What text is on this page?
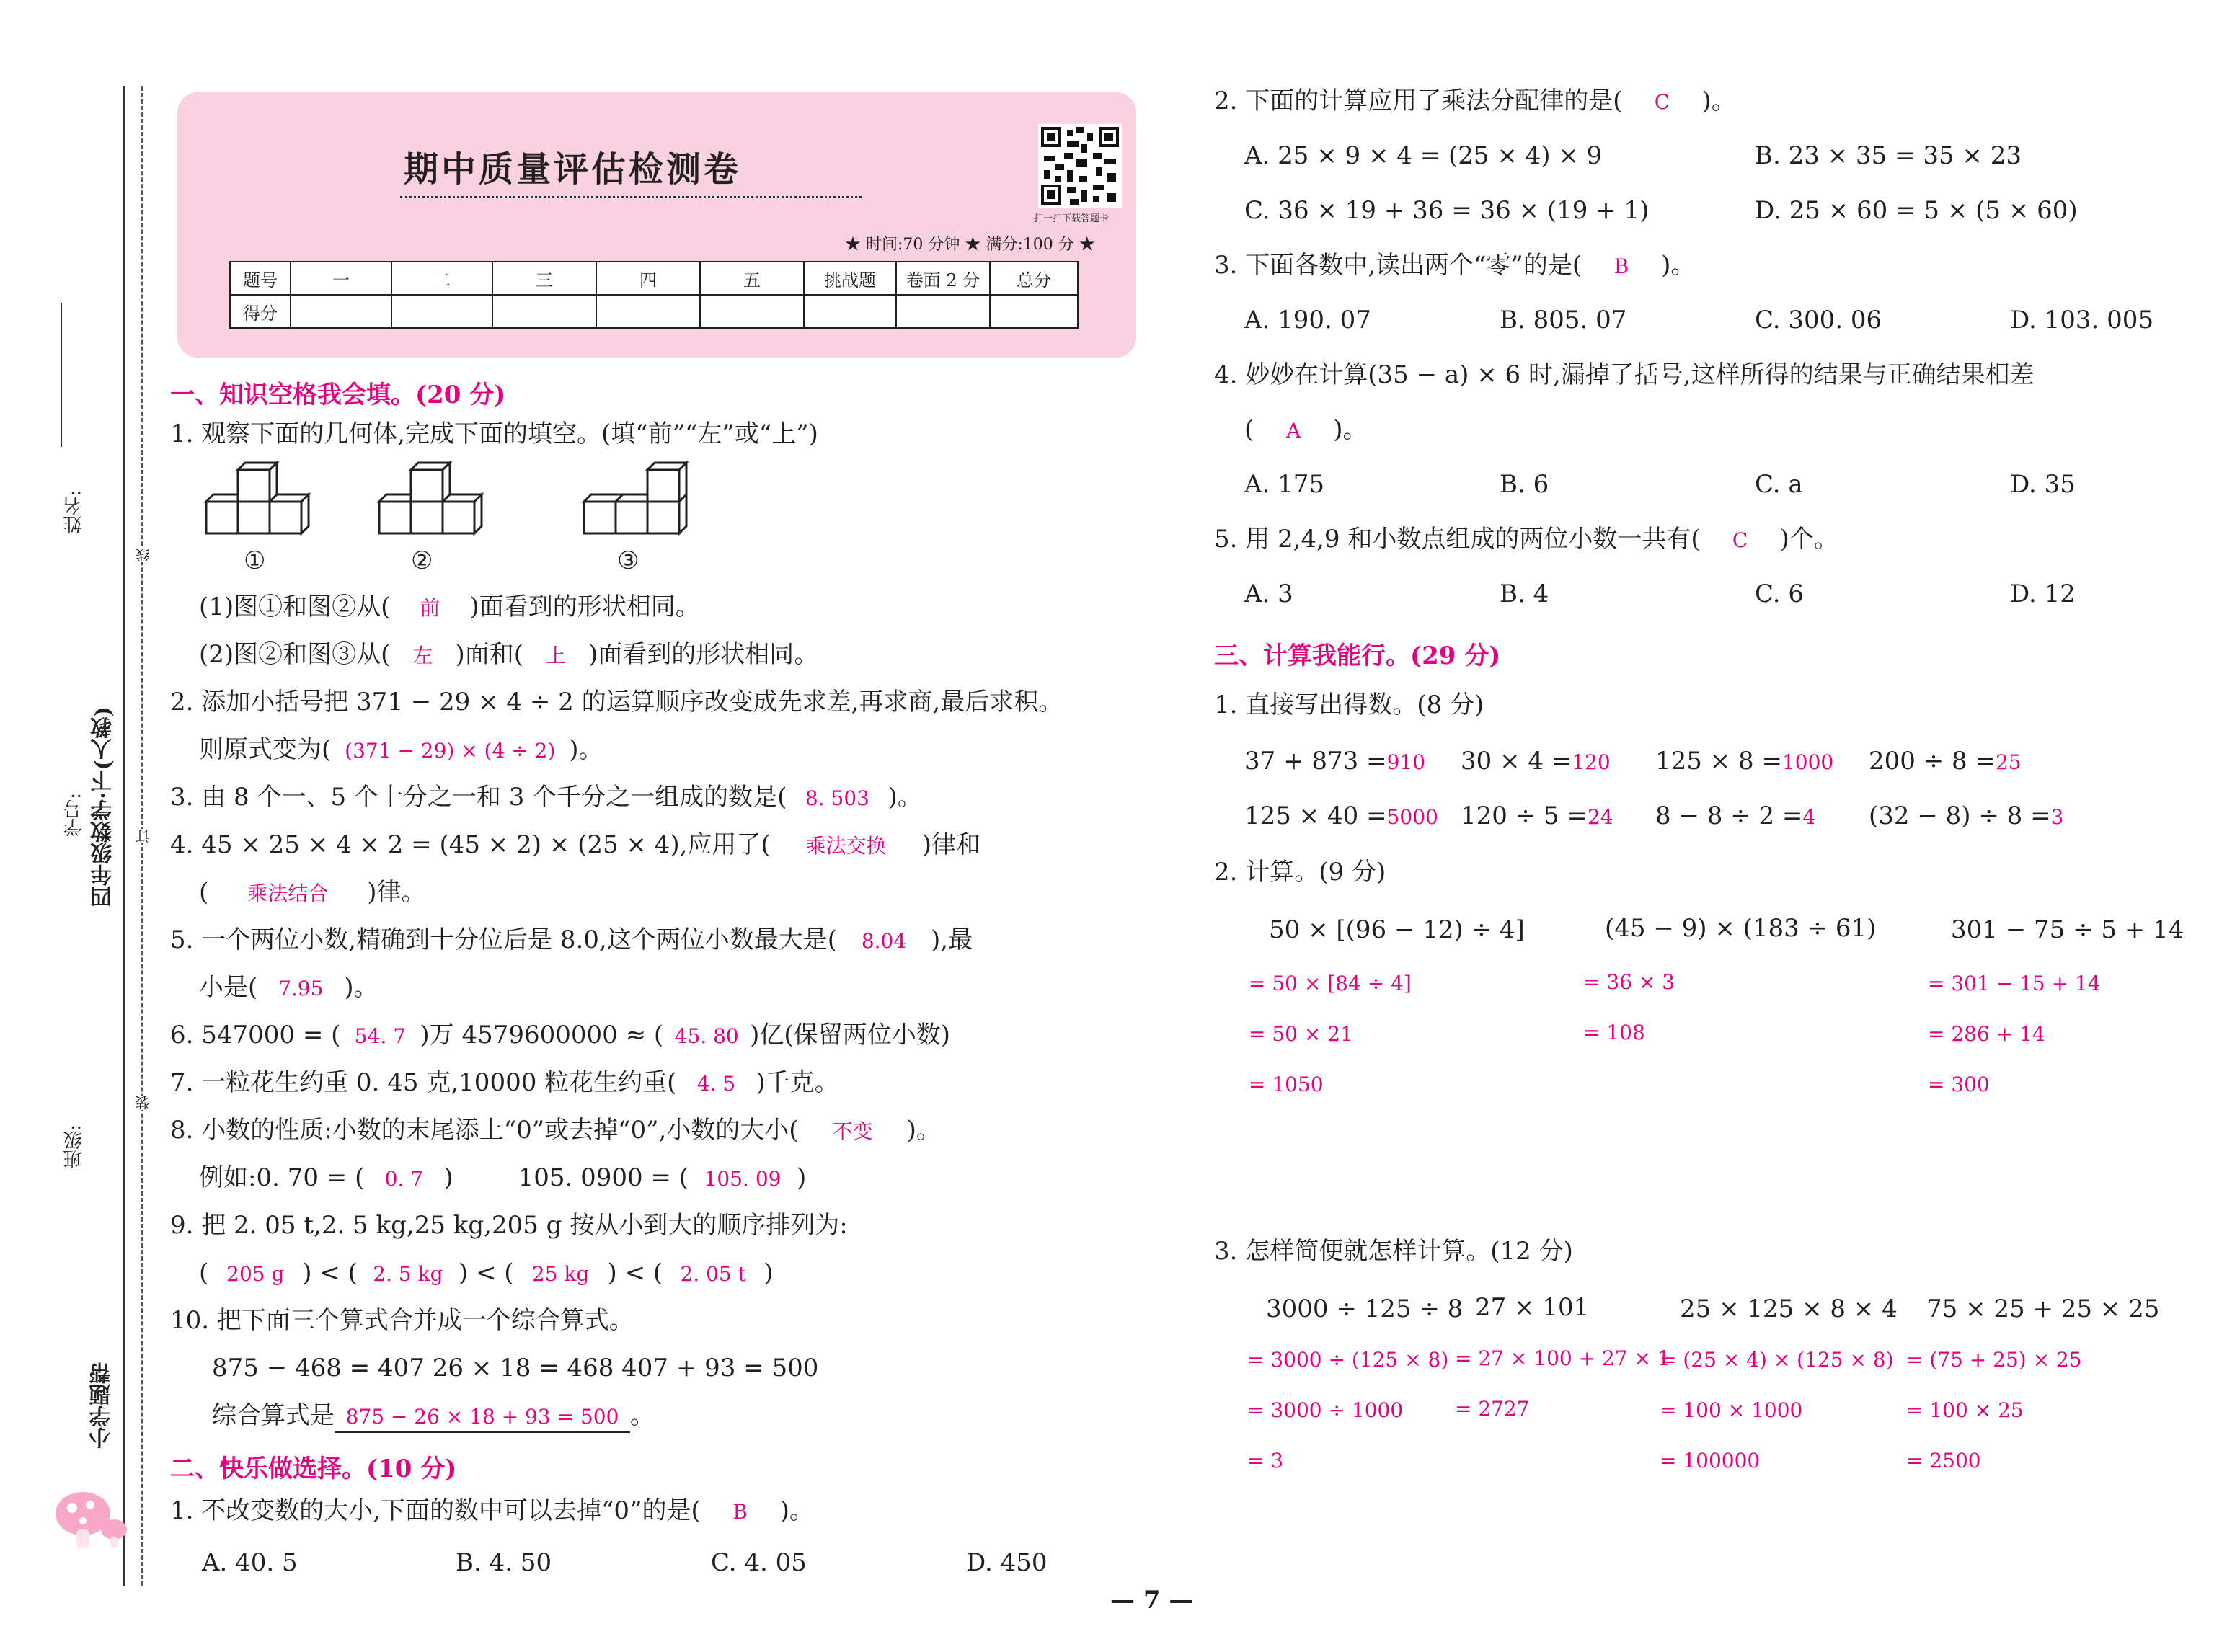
姓名:
线
学号: 四年级数学·下(人教) 订
装
班级:
小学题帮
期中质量评估检测卷
扫一扫下载答题卡
★ 时间:70 分钟 ★ 满分:100 分 ★
题号	一	二	三	四	五	挑战题	卷面 2 分	总分
得分								
一、知识空格我会填。(20 分)
1. 观察下面的几何体,完成下面的填空。(填“前”“左”或“上”)
①	②	③
(1)图①和图②从( 前 )面看到的形状相同。
(2)图②和图③从( 左 )面和( 上 )面看到的形状相同。
2. 添加小括号把 371 − 29 × 4 ÷ 2 的运算顺序改变成先求差,再求商,最后求积。
则原式变为( (371 − 29) × (4 ÷ 2) )。
3. 由 8 个一、5 个十分之一和 3 个千分之一组成的数是( 8. 503 )。
4. 45 × 25 × 4 × 2 = (45 × 2) × (25 × 4),应用了( 乘法交换 )律和
( 乘法结合 )律。
5. 一个两位小数,精确到十分位后是 8.0,这个两位小数最大是( 8.04 ),最
小是( 7.95 )。
6. 547000 = ( 54. 7 )万 4579600000 ≈ ( 45. 80 )亿(保留两位小数)
7. 一粒花生约重 0. 45 克,10000 粒花生约重( 4. 5 )千克。
8. 小数的性质:小数的末尾添上“0”或去掉“0”,小数的大小( 不变 )。
例如:0. 70 = ( 0. 7 )	105. 0900 = ( 105. 09 )
9. 把 2. 05 t,2. 5 kg,25 kg,205 g 按从小到大的顺序排列为:
( 205 g ) < ( 2. 5 kg ) < ( 25 kg ) < ( 2. 05 t )
10. 把下面三个算式合并成一个综合算式。
875 − 468 = 407 26 × 18 = 468 407 + 93 = 500
综合算式是 875 − 26 × 18 + 93 = 500 。
二、快乐做选择。(10 分)
1. 不改变数的大小,下面的数中可以去掉“0”的是( B )。
A. 40. 5	B. 4. 50	C. 4. 05	D. 450
2. 下面的计算应用了乘法分配律的是( C )。
A. 25 × 9 × 4 = (25 × 4) × 9	B. 23 × 35 = 35 × 23
C. 36 × 19 + 36 = 36 × (19 + 1)	D. 25 × 60 = 5 × (5 × 60)
3. 下面各数中,读出两个“零”的是( B )。
A. 190. 07	B. 805. 07	C. 300. 06	D. 103. 005
4. 妙妙在计算(35 − a) × 6 时,漏掉了括号,这样所得的结果与正确结果相差
( A )。
A. 175	B. 6	C. a	D. 35
5. 用 2,4,9 和小数点组成的两位小数一共有( C )个。
A. 3	B. 4	C. 6	D. 12
三、计算我能行。(29 分)
1. 直接写出得数。(8 分)
37 + 873 =910 30 × 4 =120 125 × 8 =1000 200 ÷ 8 =25
125 × 40 =5000 120 ÷ 5 =24 8 − 8 ÷ 2 =4 (32 − 8) ÷ 8 =3
2. 计算。(9 分)
50 × [(96 − 12) ÷ 4]
= 50 × [84 ÷ 4]
= 50 × 21
= 1050
(45 − 9) × (183 ÷ 61)
= 36 × 3
= 108
301 − 75 ÷ 5 + 14
= 301 − 15 + 14
= 286 + 14
= 300
3. 怎样简便就怎样计算。(12 分)
3000 ÷ 125 ÷ 8
= 3000 ÷ (125 × 8)
= 3000 ÷ 1000
= 3
27 × 101
= 27 × 100 + 27 × 1
= 2727
25 × 125 × 8 × 4
= (25 × 4) × (125 × 8)
= 100 × 1000
= 100000
75 × 25 + 25 × 25
= (75 + 25) × 25
= 100 × 25
= 2500
— 7 —
